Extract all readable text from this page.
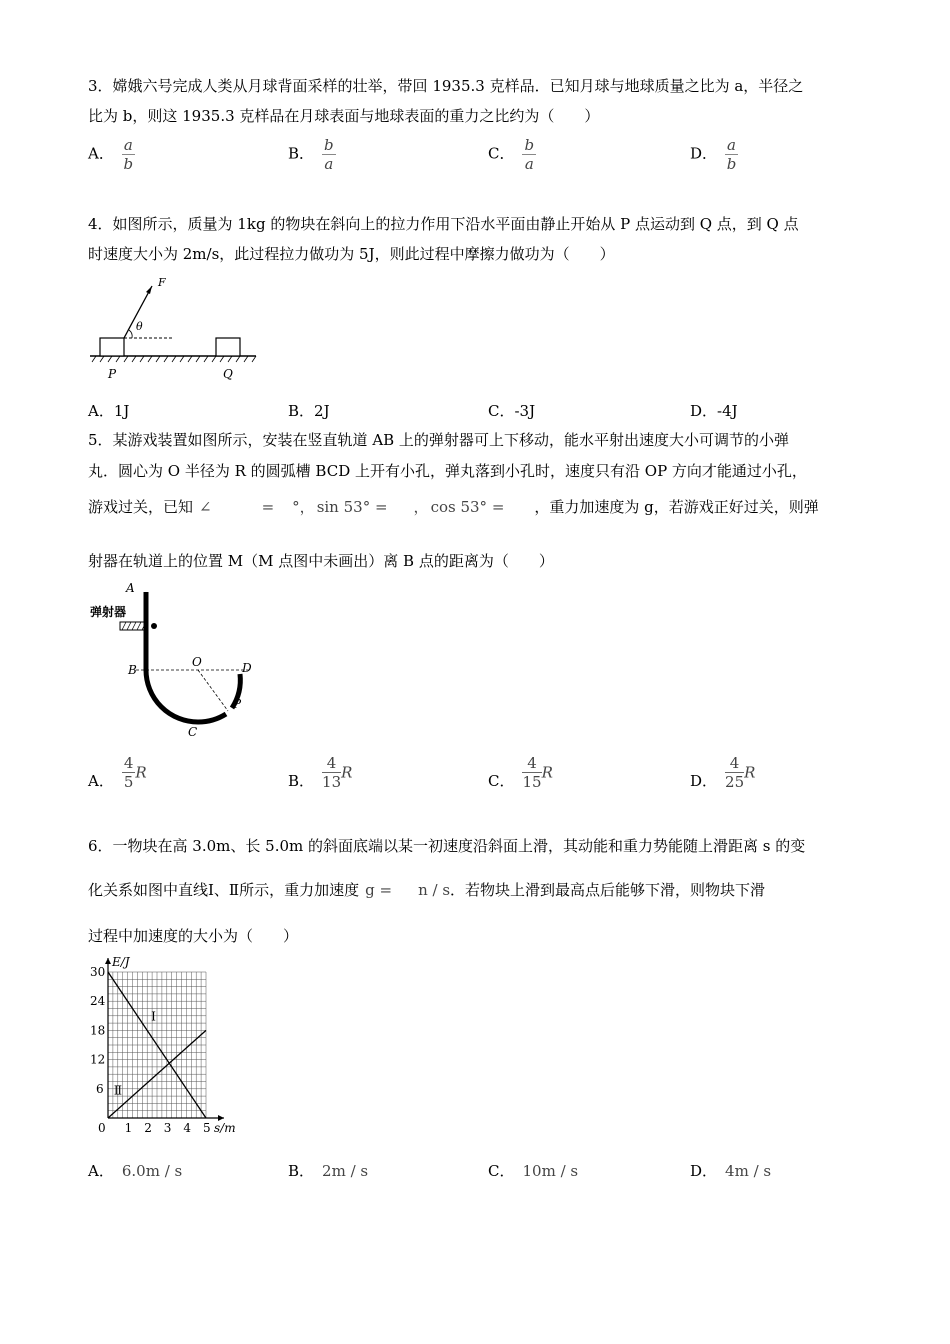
3．嫦娥六号完成人类从月球背面采样的壮举，带回 1935.3 克样品．已知月球与地球质量之比为 a，半径之
比为 b，则这 1935.3 克样品在月球表面与地球表面的重力之比约为（　　）
A． $\frac{a}{b}$	B． $\frac{b}{a}$	C． $\frac{b}{a}$	D． $\frac{a}{b}$
4．如图所示，质量为 1kg 的物块在斜向上的拉力作用下沿水平面由静止开始从 P 点运动到 Q 点，到 Q 点
时速度大小为 2m/s，此过程拉力做功为 5J，则此过程中摩擦力做功为（　　）
F
θ
P	Q
A．1J	B．2J	C．-3J	D．-4J
5．某游戏装置如图所示，安装在竖直轨道 AB 上的弹射器可上下移动，能水平射出速度大小可调节的小弹
丸．圆心为 O 半径为 R 的圆弧槽 BCD 上开有小孔，弹丸落到小孔时，速度只有沿 OP 方向才能通过小孔，
游戏过关，已知 ∠	= °， sin 53° = ， cos 53° = ，重力加速度为 g，若游戏正好过关，则弹
射器在轨道上的位置 M（M 点图中未画出）离 B 点的距离为（　　）
A
弹射器
B
O	D
P
C
A． $\frac{4}{5}$ R	B． $\frac{4}{13}$ R	C． $\frac{4}{15}$ R	D． $\frac{4}{25}$ R
6．一物块在高 3.0m、长 5.0m 的斜面底端以某一初速度沿斜面上滑，其动能和重力势能随上滑距离 s 的变
化关系如图中直线Ⅰ、Ⅱ所示，重力加速度 g = n / s．若物块上滑到最高点后能够下滑，则物块下滑
过程中加速度的大小为（　　）
Ⅰ
Ⅱ
0 1 2 3 4 5
6
12
18
24
30
s/m
E/J
A． 6.0m / s	B． 2m / s	C． 10m / s	D． 4m / s
